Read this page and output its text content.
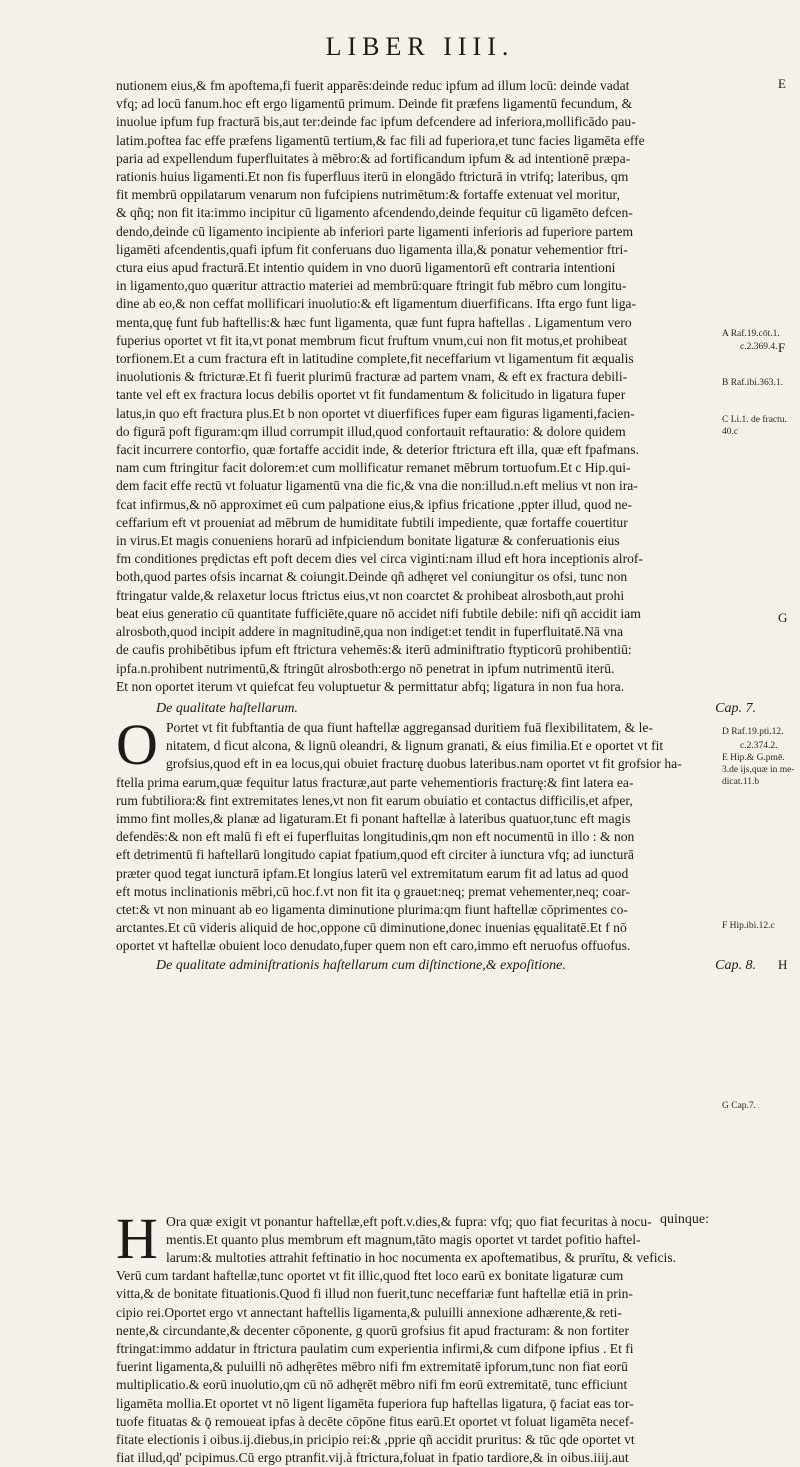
LIBER IIII.
nutionem eius,& fm apoftema,fi fuerit apparēs:deinde reduc ipfum ad illum locū: deinde vadat
vfq; ad locū fanum.hoc eft ergo ligamentū primum. Deinde fit præfens ligamentū fecundum, &
inuolue ipfum fup fracturā bis,aut ter:deinde fac ipfum defcendere ad inferiora,mollificādo pau-
latim.poftea fac effe præfens ligamentū tertium,& fac fili ad fuperiora,et tunc facies ligamēta effe
paria ad expellendum fuperfluitates à mēbro:& ad fortificandum ipfum & ad intentionē præpa-
rationis huius ligamenti.Et non fis fuperfluus iterū in elongādo ftricturā in vtrifq; lateribus, qm
fit membrū oppilatarum venarum non fufcipiens nutrimētum:& fortaffe extenuat vel moritur,
& qñq; non fit ita:immo incipitur cū ligamento afcendendo,deinde fequitur cū ligamēto defcen-
dendo,deinde cū ligamento incipiente ab inferiori parte ligamenti inferioris ad fuperiore partem
ligamēti afcendentis,quafi ipfum fit conferuans duo ligamenta illa,& ponatur vehementior ftri-
ctura eius apud fracturā.Et intentio quidem in vno duorū ligamentorū eft contraria intentioni
in ligamento,quo quæritur attractio materiei ad membrū:quare ftringit fub mēbro cum longitu-
dine ab eo,& non ceffat mollificari inuolutio:& eft ligamentum diuerfificans. Ifta ergo funt liga-
menta,quę funt fub haftellis:& hæc funt ligamenta, quæ funt fupra haftellas . Ligamentum vero
fuperius oportet vt fit ita,vt ponat membrum ficut fruftum vnum,cui non fit motus,et prohibeat
torfionem.Et a cum fractura eft in latitudine complete,fit neceffarium vt ligamentum fit æqualis
inuolutionis & ftricturæ.Et fi fuerit plurimū fracturæ ad partem vnam, & eft ex fractura debili-
tante vel eft ex fractura locus debilis oportet vt fit fundamentum & folicitudo in ligatura fuper
latus,in quo eft fractura plus.Et b non oportet vt diuerfifices fuper eam figuras ligamenti,facien-
do figurā poft figuram:qm illud corrumpit illud,quod confortauit reftauratio: & dolore quidem
facit incurrere contorfio, quæ fortaffe accidit inde, & deterior ftrictura eft illa, quæ eft fpafmans.
nam cum ftringitur facit dolorem:et cum mollificatur remanet mēbrum tortuofum.Et c Hip.qui-
dem facit effe rectū vt foluatur ligamentū vna die fic,& vna die non:illud.n.eft melius vt non ira-
fcat infirmus,& nō approximet eū cum palpatione eius,& ipfius fricatione ,ppter illud, quod ne-
ceffarium eft vt proueniat ad mēbrum de humiditate fubtili impediente, quæ fortaffe couertitur
in virus.Et magis conueniens horarū ad infpiciendum bonitate ligaturæ & conferuationis eius
fm conditiones prędictas eft poft decem dies vel circa viginti:nam illud eft hora inceptionis alrof-
both,quod partes ofsis incarnat & coiungit.Deinde qñ adhęret vel coniungitur os ofsi, tunc non
ftringatur valde,& relaxetur locus ftrictus eius,vt non coarctet & prohibeat alrosboth,aut prohi
beat eius generatio cū quantitate fufficiēte,quare nō accidet nifi fubtile debile: nifi qñ accidit iam
alrosboth,quod incipit addere in magnitudinē,qua non indiget:et tendit in fuperfluitatē.Nā vna
de caufis prohibētibus ipfum eft ftrictura vehemēs:& iterū adminiftratio ftypticorū prohibentiū:
ipfa.n.prohibent nutrimentū,& ftringūt alrosboth:ergo nō penetrat in ipfum nutrimentū iterū.
Et non oportet iterum vt quiefcat feu voluptuetur & permittatur abfq; ligatura in non fua hora.
De qualitate haſtellarum.	Cap. 7.
O Portet vt fit fubftantia de qua fiunt haftellæ aggregansad duritiem fuā flexibilitatem, & le-
nitatem, d ficut alcona, & lignū oleandri, & lignum granati, & eius fimilia.Et e oportet vt fit
grofsius,quod eft in ea locus,qui obuiet fracturę duobus lateribus.nam oportet vt fit grofsior ha-
ftella prima earum,quæ fequitur latus fracturæ,aut parte vehementioris fracturę:& fint latera ea-
rum fubtiliora:& fint extremitates lenes,vt non fit earum obuiatio et contactus difficilis,et afper,
immo fint molles,& planæ ad ligaturam.Et fi ponant haftellæ à lateribus quatuor,tunc eft magis
defendēs:& non eft malū fi eft ei fuperfluitas longitudinis,qm non eft nocumentū in illo : & non
eft detrimentū fi haftellarū longitudo capiat fpatium,quod eft circiter à iunctura vfq; ad iuncturā
præter quod tegat iuncturā ipfam.Et longius laterū vel extremitatum earum fit ad latus ad quod
eft motus inclinationis mēbri,cū hoc.f.vt non fit ita ǫ grauet:neq; premat vehementer,neq; coar-
ctet:& vt non minuant ab eo ligamenta diminutione plurima:qm fiunt haftellæ cōprimentes co-
arctantes.Et cū videris aliquid de hoc,oppone cū diminutione,donec inuenias ęqualitatē.Et f nō
oportet vt haftellæ obuient loco denudato,fuper quem non eft caro,immo eft neruofus offuofus.
De qualitate adminiſtrationis haſtellarum cum diſtinctione,& expoſitione.	Cap. 8.
H Ora quæ exigit vt ponantur haftellæ,eft poft.v.dies,& fupra: vfq; quo fiat fecuritas à nocu-
mentis.Et quanto plus membrum eft magnum,tāto magis oportet vt tardet pofitio haftel-
larum:& multoties attrahit feftinatio in hoc nocumenta ex apoftematibus, & prurītu, & veficis.
Verū cum tardant haftellæ,tunc oportet vt fit illic,quod ftet loco earū ex bonitate ligaturæ cum
vitta,& de bonitate fituationis.Quod fi illud non fuerit,tunc neceffariæ funt haftellæ etiā in prin-
cipio rei.Oportet ergo vt annectant haftellis ligamenta,& puluilli annexione adhærente,& reti-
nente,& circundante,& decenter cōponente, g quorū grofsius fit apud fracturam: & non fortiter
ftringat:immo addatur in ftrictura paulatim cum experientia infirmi,& cum difpone ipfius . Et fi
fuerint ligamenta,& puluilli nō adhęrētes mēbro nifi fm extremitatē ipforum,tunc non fiat eorū
multiplicatio.& eorū inuolutio,qm cū nō adhęrēt mēbro nifi fm eorū extremitatē, tunc efficiunt
ligamēta mollia.Et oportet vt nō ligent ligamēta fuperiora fup haftellas ligatura, ǭ faciat eas tor-
tuofe fituatas & ǭ remoueat ipfas à decēte cōpōne fitus earū.Et oportet vt foluat ligamēta necef-
fitate electionis i oibus.ij.diebus,in pricipio rei:& ,pprie qñ accidit pruritus: & tūc qde oportet vt
fiat illud,qd' pcipimus.Cū ergo ptranfit.vij.à ftrictura,foluat in fpatio tardiore,& in oibus.iiij.aut
E
F
G
H
A Raf.19.cōt.1.
c.2.369.4.
B Raf.ibi.363.1.
C Li.1. de fractu. 40.c
D Raf.19.pti.12.
c.2.374.2.
E Hip.& G.pmē. 3.de ijs,quæ in me- dicat.11.b
F Hip.ibi.12.c
G Cap.7.
quinque:
